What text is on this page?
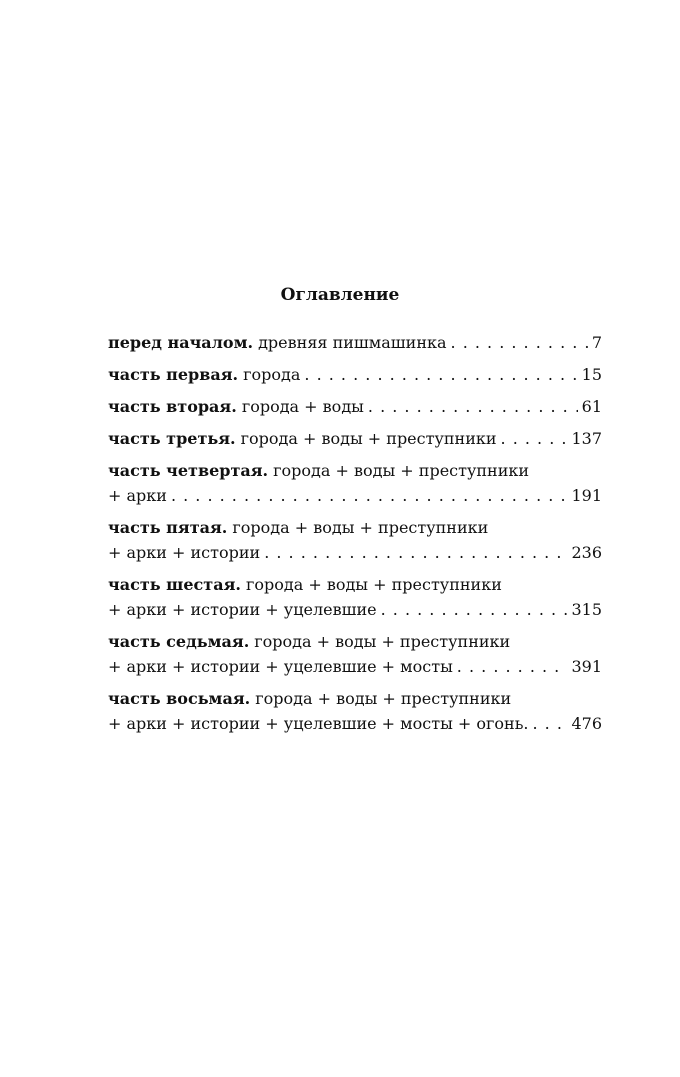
Оглавление
перед началом. древняя пишмашинка . . .	7
часть первая. города . . .	15
часть вторая. города + воды . . .	61
часть третья. города + воды + преступники . . .	137
часть четвертая. города + воды + преступники
+ арки . . .	191
часть пятая. города + воды + преступники
+ арки + истории . . .	236
часть шестая. города + воды + преступники
+ арки + истории + уцелевшие . . .	315
часть седьмая. города + воды + преступники
+ арки + истории + уцелевшие + мосты . . .	391
часть восьмая. города + воды + преступники
+ арки + истории + уцелевшие + мосты + огонь. . . .	476
